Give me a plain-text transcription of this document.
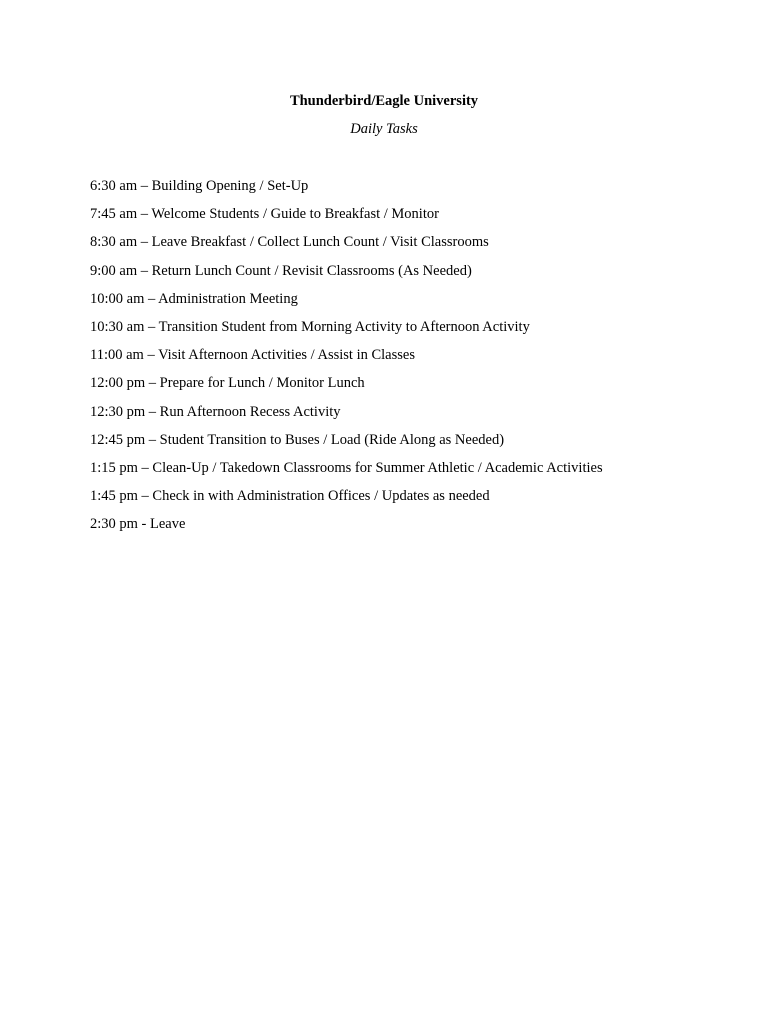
Thunderbird/Eagle University
Daily Tasks
6:30 am – Building Opening / Set-Up
7:45 am – Welcome Students / Guide to Breakfast / Monitor
8:30 am – Leave Breakfast / Collect Lunch Count / Visit Classrooms
9:00 am – Return Lunch Count / Revisit Classrooms (As Needed)
10:00 am – Administration Meeting
10:30 am – Transition Student from Morning Activity to Afternoon Activity
11:00 am – Visit Afternoon Activities / Assist in Classes
12:00 pm – Prepare for Lunch / Monitor Lunch
12:30 pm – Run Afternoon Recess Activity
12:45 pm – Student Transition to Buses / Load (Ride Along as Needed)
1:15 pm – Clean-Up / Takedown Classrooms for Summer Athletic / Academic Activities
1:45 pm – Check in with Administration Offices / Updates as needed
2:30 pm - Leave
